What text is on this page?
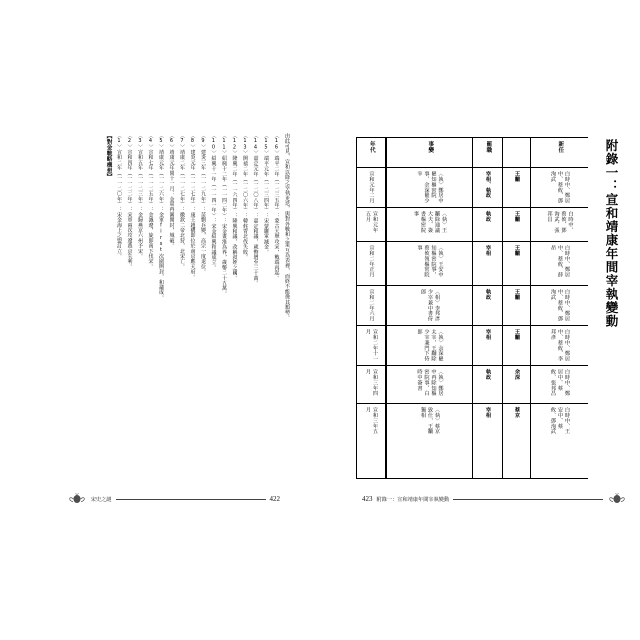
【對金戰略構想】 〈1〉宣和二年（一一二〇年）：宋金海上之盟訂立。 〈2〉宣和四年（一一二二年）：宋軍兩次攻遼燕京失利。 〈3〉宣和五年（一一二三年）：金歸燕京六州予宋。 〈4〉宣和七年（一一二五年）：金滅遼，旋即南下伐宋。 〈5〉靖康元年（一一二六年）：金軍first次圍開封，和議成。 〈6〉靖康元年閏十一月：金軍再圍開封，城破。 〈7〉靖康二年（一一二七年）：徽欽二帝北狩，北宋亡。 〈8〉建炎元年（一一二七年）：康王趙構即位於南京應天府。 〈9〉建炎三年（一一二九年）：苗劉兵變，高宗一度退位。 〈10〉紹興十一年（一一四一年）：宋金紹興和議成立。 〈11〉紹興十二年（一一四二年）：宋金畫淮為界，歲幣二十五萬。 〈12〉隆興二年（一一六四年）：隆興和議，改稱叔姪之國。 〈13〉開禧二年（一二〇六年）：韓侂胄北伐失敗。 〈14〉嘉定元年（一二〇八年）：嘉定和議，歲幣增至三十萬。 〈15〉端平元年（一二三四年）：宋蒙聯軍滅金。 〈16〉端平二年（一二三五年）：蒙古大舉攻宋，戰端再起。 由此可見，宣和以降之宰執更迭，與對外戰和之策互為表裡，而終不能挽其頹勢。
422
宋史之謎
附錄一：宣和靖康年間宰執變動
年代
宣和元年二月
宣和元年五月
宣和二年正月
宣和二年六月
宣和二年十一月
宣和三年四月
宣和三年五月
事變
〈執〉鄭居中罷知樞密院事、余深罷少宰
〈執〉王黼除通議大夫、簽書樞密院事
〈執〉王安中知樞密院事，蔡攸領樞密院事
〈相〉李邦彥少宰兼中書侍郎
〈執〉余深罷太宰，王黼除少宰兼門下侍郎
〈執〉鄭居中再除知樞密院事、白時中簽書
〈執〉蔡京致仕，王黼獨相
罷職
宰相、執政
執政
宰相
執政
宰相
執政
宰相
王黼
王黼
王黼
王黼
王黼
余深
蔡京
新任
白時中、鄭居中、蔡攸、鄧洵武
白時中、蔡攸、鄧洵武、張邦昌
白時中、鄭居中、蔡攸、薛昂
白時中、鄭居中、蔡攸、鄧洵武
白時中、鄭居中、蔡攸、李邦彥
白時中、鄭居中、蔡攸、張邦昌
白時中、王安中、蔡攸、鄧洵武
423 附錄一：宣和靖康年間宰執變動
